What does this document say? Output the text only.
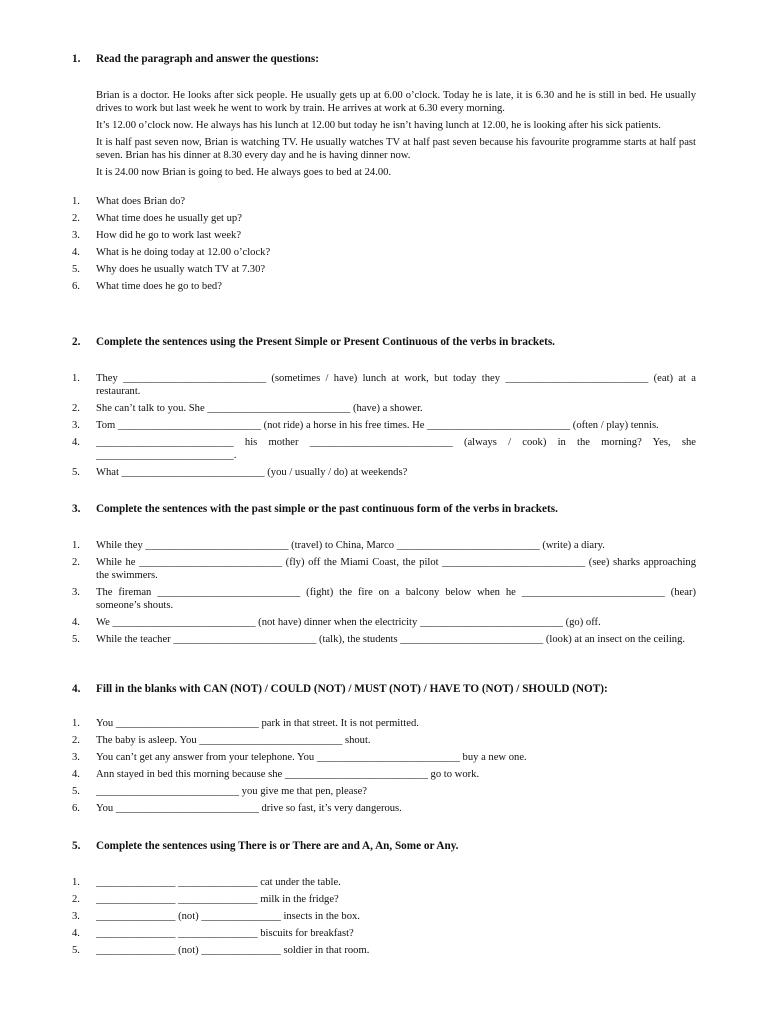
1.	Read the paragraph and answer the questions:
Brian is a doctor. He looks after sick people. He usually gets up at 6.00 o’clock. Today he is late, it is 6.30 and he is still in bed. He usually drives to work but last week he went to work by train. He arrives at work at 6.30 every morning.
It’s 12.00 o’clock now. He always has his lunch at 12.00 but today he isn’t having lunch at 12.00, he is looking after his sick patients.
It is half past seven now, Brian is watching TV. He usually watches TV at half past seven because his favourite programme starts at half past seven. Brian has his dinner at 8.30 every day and he is having dinner now.
It is 24.00 now Brian is going to bed. He always goes to bed at 24.00.
1.	What does Brian do?
2.	What time does he usually get up?
3.	How did he go to work last week?
4.	What is he doing today at 12.00 o’clock?
5.	Why does he usually watch TV at 7.30?
6.	What time does he go to bed?
2.	Complete the sentences using the Present Simple or Present Continuous of the verbs in brackets.
1.	They ___________________________ (sometimes / have) lunch at work, but today they ___________________________ (eat) at a restaurant.
2.	She can’t talk to you. She ___________________________ (have) a shower.
3.	Tom ___________________________ (not ride) a horse in his free times. He ___________________________ (often / play) tennis.
4.	__________________________ his mother ___________________________ (always / cook) in the morning? Yes, she __________________________.
5.	What ___________________________ (you / usually / do) at weekends?
3.	Complete the sentences with the past simple or the past continuous form of the verbs in brackets.
1.	While they ___________________________ (travel) to China, Marco ___________________________ (write) a diary.
2.	While he ___________________________ (fly) off the Miami Coast, the pilot ___________________________ (see) sharks approaching the swimmers.
3.	The fireman ___________________________ (fight) the fire on a balcony below when he ___________________________ (hear) someone’s shouts.
4.	We ___________________________ (not have) dinner when the electricity ___________________________ (go) off.
5.	While the teacher ___________________________ (talk), the students ___________________________ (look) at an insect on the ceiling.
4.	Fill in the blanks with CAN (NOT) / COULD (NOT) / MUST (NOT) / HAVE TO (NOT) / SHOULD (NOT):
1.	You ___________________________ park in that street. It is not permitted.
2.	The baby is asleep. You ___________________________ shout.
3.	You can’t get any answer from your telephone. You ___________________________ buy a new one.
4.	Ann stayed in bed this morning because she ___________________________ go to work.
5.	___________________________ you give me that pen, please?
6.	You ___________________________ drive so fast, it’s very dangerous.
5.	Complete the sentences using There is or There are and A, An, Some or Any.
1.	_______________ _______________ cat under the table.
2.	_______________ _______________ milk in the fridge?
3.	_______________ (not) _______________ insects in the box.
4.	_______________ _______________ biscuits for breakfast?
5.	_______________ (not) _______________ soldier in that room.
